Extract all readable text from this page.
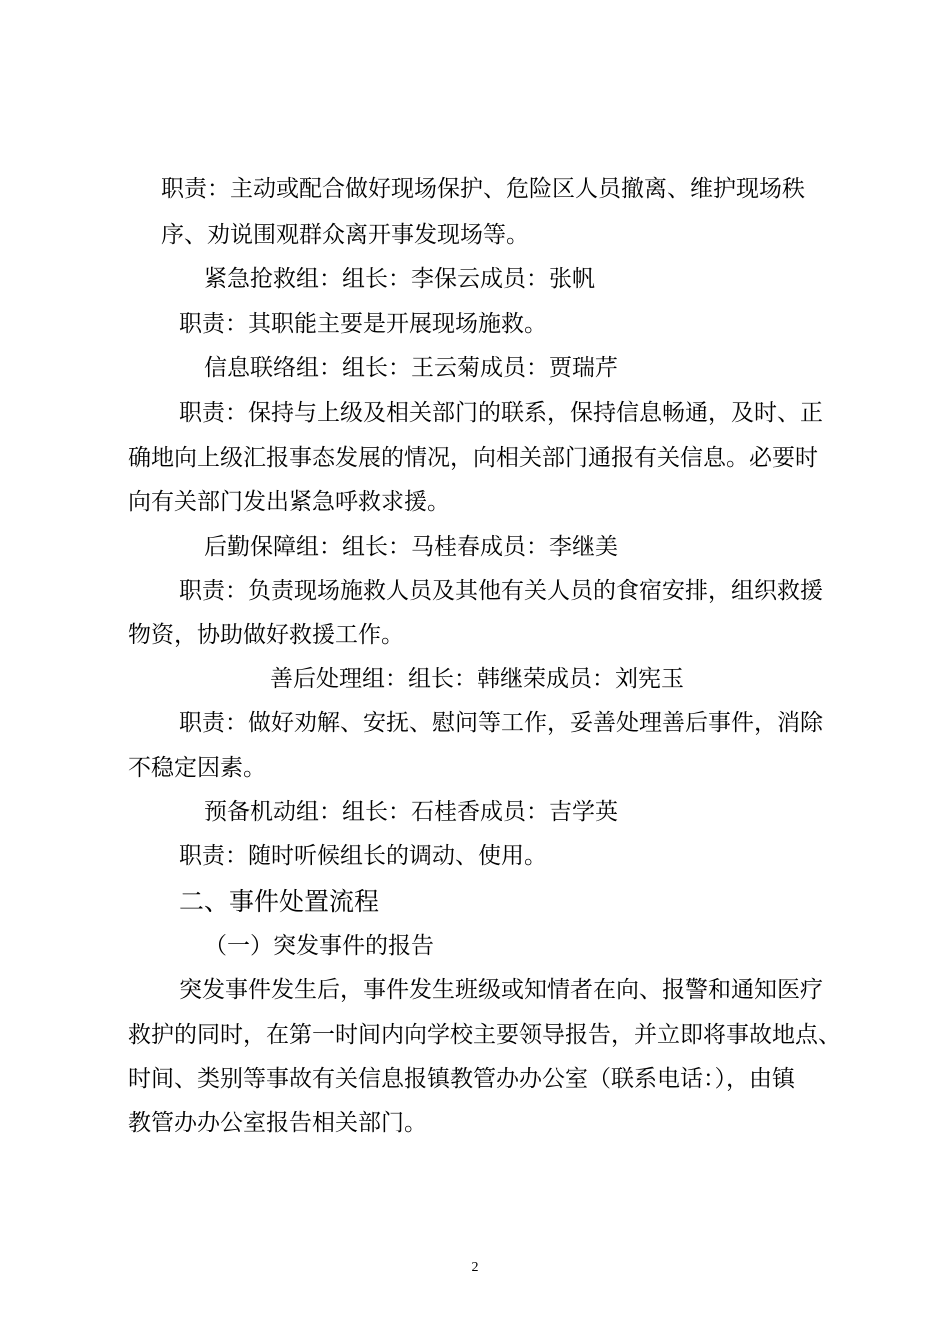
职责：主动或配合做好现场保护、危险区人员撤离、维护现场秩
序、劝说围观群众离开事发现场等。
紧急抢救组：组长：李保云成员：张帆
职责：其职能主要是开展现场施救。
信息联络组：组长：王云菊成员：贾瑞芹
职责：保持与上级及相关部门的联系，保持信息畅通，及时、正
确地向上级汇报事态发展的情况，向相关部门通报有关信息。必要时
向有关部门发出紧急呼救求援。
后勤保障组：组长：马桂春成员：李继美
职责：负责现场施救人员及其他有关人员的食宿安排，组织救援
物资，协助做好救援工作。
善后处理组：组长：韩继荣成员：刘宪玉
职责：做好劝解、安抚、慰问等工作，妥善处理善后事件，消除
不稳定因素。
预备机动组：组长：石桂香成员：吉学英
职责：随时听候组长的调动、使用。
二、事件处置流程
（一）突发事件的报告
突发事件发生后，事件发生班级或知情者在向、报警和通知医疗
救护的同时，在第一时间内向学校主要领导报告，并立即将事故地点、
时间、类别等事故有关信息报镇教管办办公室（联系电话：），由镇
教管办办公室报告相关部门。
2
